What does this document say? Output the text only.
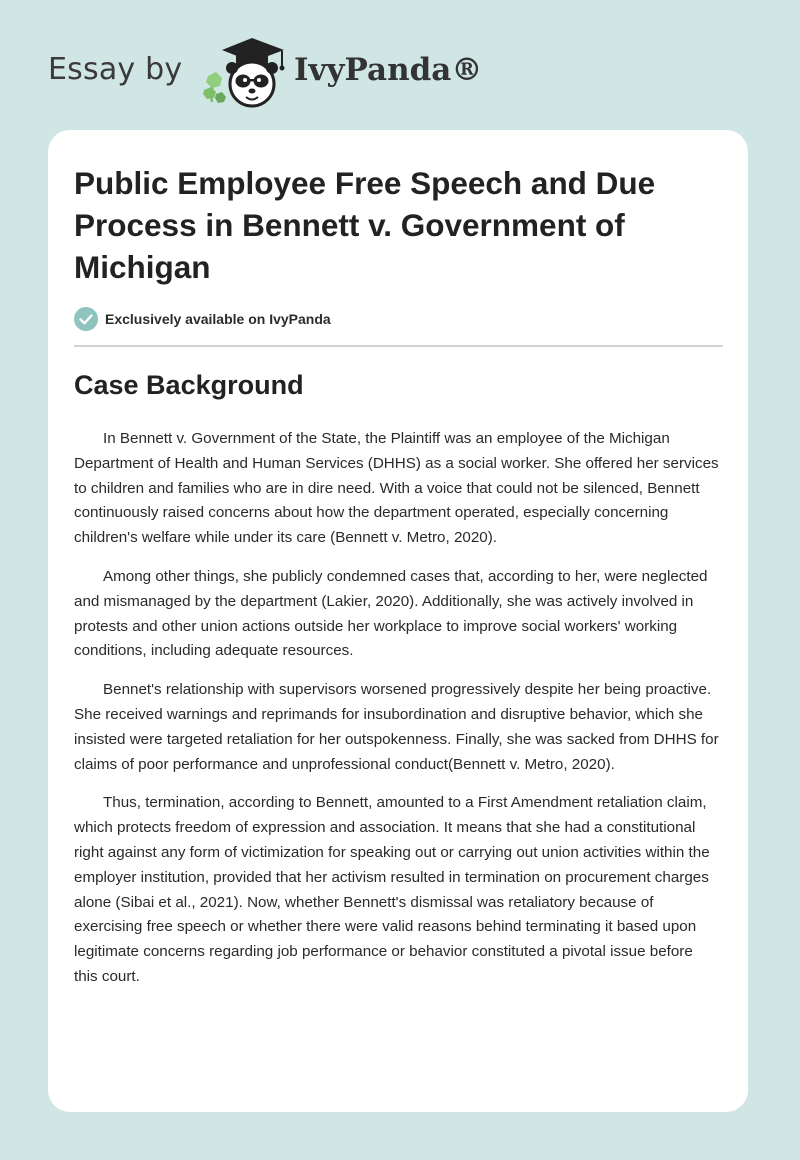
Essay by	IvyPanda®
Public Employee Free Speech and Due Process in Bennett v. Government of Michigan
Exclusively available on IvyPanda
Case Background

In Bennett v. Government of the State, the Plaintiff was an employee of the Michigan Department of Health and Human Services (DHHS) as a social worker. She offered her services to children and families who are in dire need. With a voice that could not be silenced, Bennett continuously raised concerns about how the department operated, especially concerning children's welfare while under its care (Bennett v. Metro, 2020).

Among other things, she publicly condemned cases that, according to her, were neglected and mismanaged by the department (Lakier, 2020). Additionally, she was actively involved in protests and other union actions outside her workplace to improve social workers' working conditions, including adequate resources.

Bennet's relationship with supervisors worsened progressively despite her being proactive. She received warnings and reprimands for insubordination and disruptive behavior, which she insisted were targeted retaliation for her outspokenness. Finally, she was sacked from DHHS for claims of poor performance and unprofessional conduct(Bennett v. Metro, 2020).

Thus, termination, according to Bennett, amounted to a First Amendment retaliation claim, which protects freedom of expression and association. It means that she had a constitutional right against any form of victimization for speaking out or carrying out union activities within the employer institution, provided that her activism resulted in termination on procurement charges alone (Sibai et al., 2021). Now, whether Bennett's dismissal was retaliatory because of exercising free speech or whether there were valid reasons behind terminating it based upon legitimate concerns regarding job performance or behavior constituted a pivotal issue before this court.
